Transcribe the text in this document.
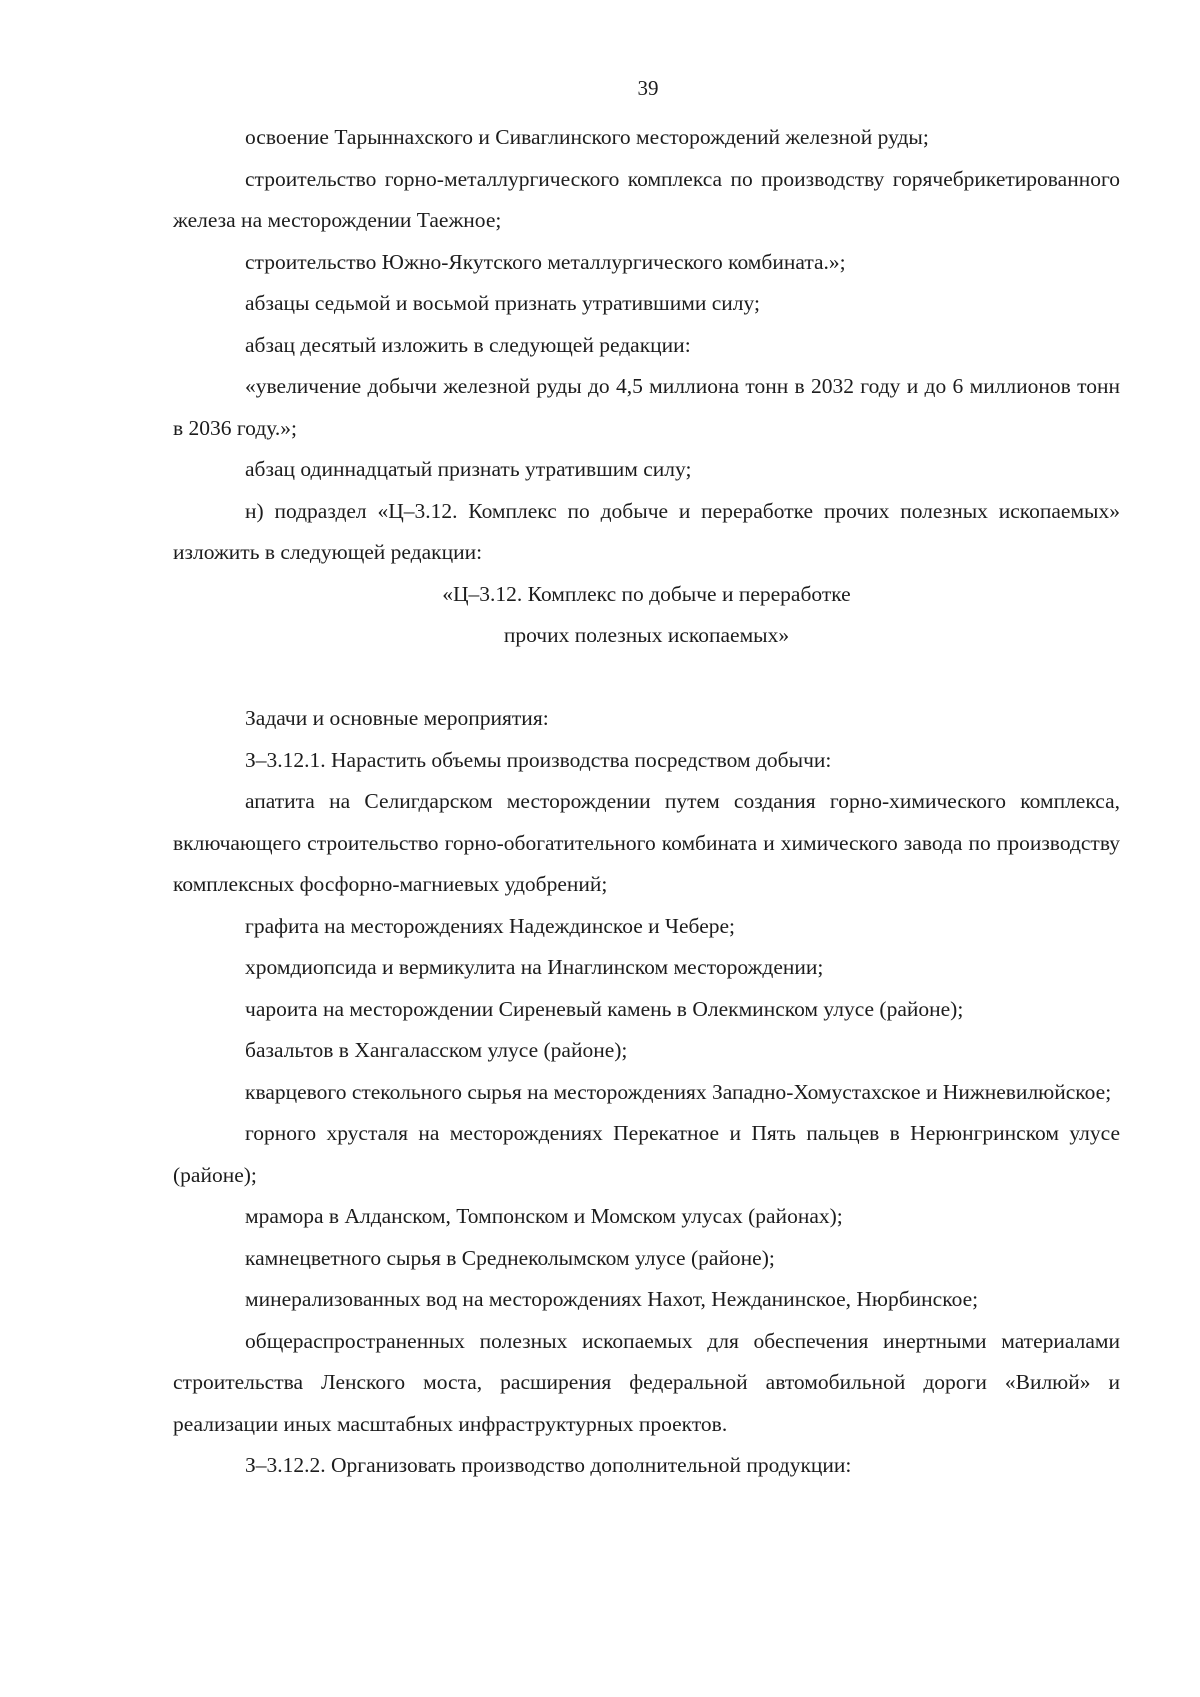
39

освоение Тарыннахского и Сиваглинского месторождений железной руды;

строительство горно-металлургического комплекса по производству горячебрикетированного железа на месторождении Таежное;

строительство Южно-Якутского металлургического комбината.»;

абзацы седьмой и восьмой признать утратившими силу;

абзац десятый изложить в следующей редакции:

«увеличение добычи железной руды до 4,5 миллиона тонн в 2032 году и до 6 миллионов тонн в 2036 году.»;

абзац одиннадцатый признать утратившим силу;

н) подраздел «Ц–3.12. Комплекс по добыче и переработке прочих полезных ископаемых» изложить в следующей редакции:

«Ц–3.12. Комплекс по добыче и переработке

прочих полезных ископаемых»

Задачи и основные мероприятия:

З–3.12.1. Нарастить объемы производства посредством добычи:

апатита на Селигдарском месторождении путем создания горно-химического комплекса, включающего строительство горно-обогатительного комбината и химического завода по производству комплексных фосфорно-магниевых удобрений;

графита на месторождениях Надеждинское и Чебере;

хромдиопсида и вермикулита на Инаглинском месторождении;

чароита на месторождении Сиреневый камень в Олекминском улусе (районе);

базальтов в Хангаласском улусе (районе);

кварцевого стекольного сырья на месторождениях Западно-Хомустахское и Нижневилюйское;

горного хрусталя на месторождениях Перекатное и Пять пальцев в Нерюнгринском улусе (районе);

мрамора в Алданском, Томпонском и Момском улусах (районах);

камнецветного сырья в Среднеколымском улусе (районе);

минерализованных вод на месторождениях Нахот, Нежданинское, Нюрбинское;

общераспространенных полезных ископаемых для обеспечения инертными материалами строительства Ленского моста, расширения федеральной автомобильной дороги «Вилюй» и реализации иных масштабных инфраструктурных проектов.

З–3.12.2. Организовать производство дополнительной продукции:
